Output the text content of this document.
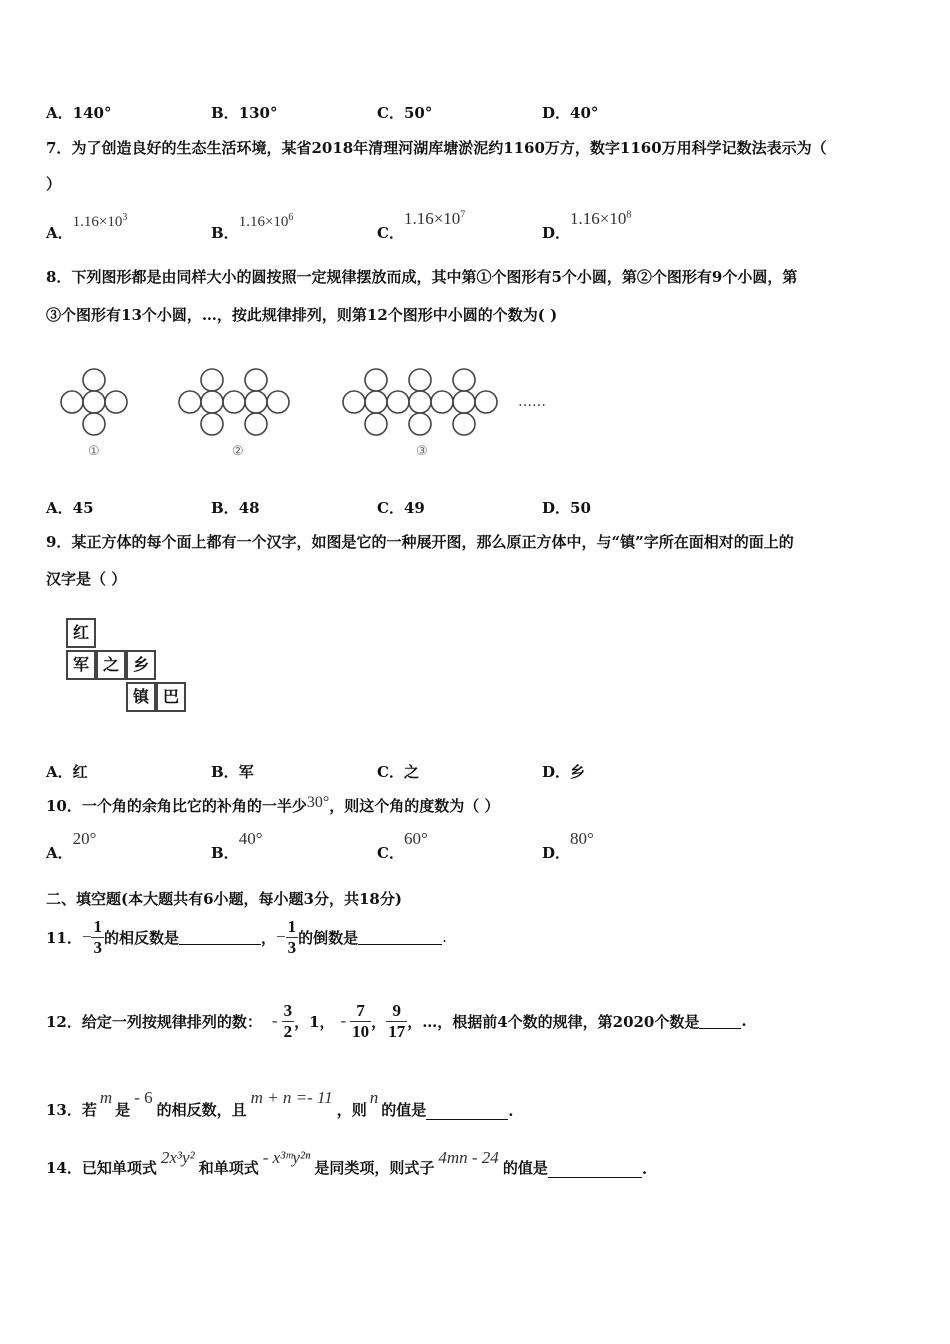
A．140°	B．130°	C．50°	D．40°
7．为了创造良好的生态生活环境，某省2018年清理河湖库塘淤泥约1160万方，数字1160万用科学记数法表示为（
）
A．$1.16\times 10^3$
B．$1.16\times 10^6$
C．$1.16\times 10^7$
D．$1.16\times 10^8$
8．下列图形都是由同样大小的圆按照一定规律摆放而成，其中第①个图形有5个小圆，第②个图形有9个小圆，第
③个图形有13个小圆，…，按此规律排列，则第12个图形中小圆的个数为( )
①	②	③
……
A．45	B．48	C．49	D．50
9．某正方体的每个面上都有一个汉字，如图是它的一种展开图，那么原正方体中，与“镇”字所在面相对的面上的
汉字是（ ）
红
军 之 乡
镇 巴
A．红	B．军	C．之	D．乡
10．一个角的余角比它的补角的一半少30°，则这个角的度数为（ ）
A．20°
B．40°
C．60°
D．80°
二、填空题(本大题共有6小题，每小题3分，共18分)
11． − $\frac{1}{3}$ 的相反数是	， − $\frac{1}{3}$ 的倒数是	.
12． 给定一列按规律排列的数： - $\frac{3}{2}$ ，1， - $\frac{7}{10}$ ， $\frac{9}{17}$ ，…，根据前4个数的规律，第2020个数是	.
13． 若
m
是
- 6
的相反数，且
m + n =- 11
，则
n
的值是	.
14． 已知单项式
2x³y²
和单项式
- x³ᵐy²ⁿ
是同类项，则式子
4mn - 24
的值是	.
